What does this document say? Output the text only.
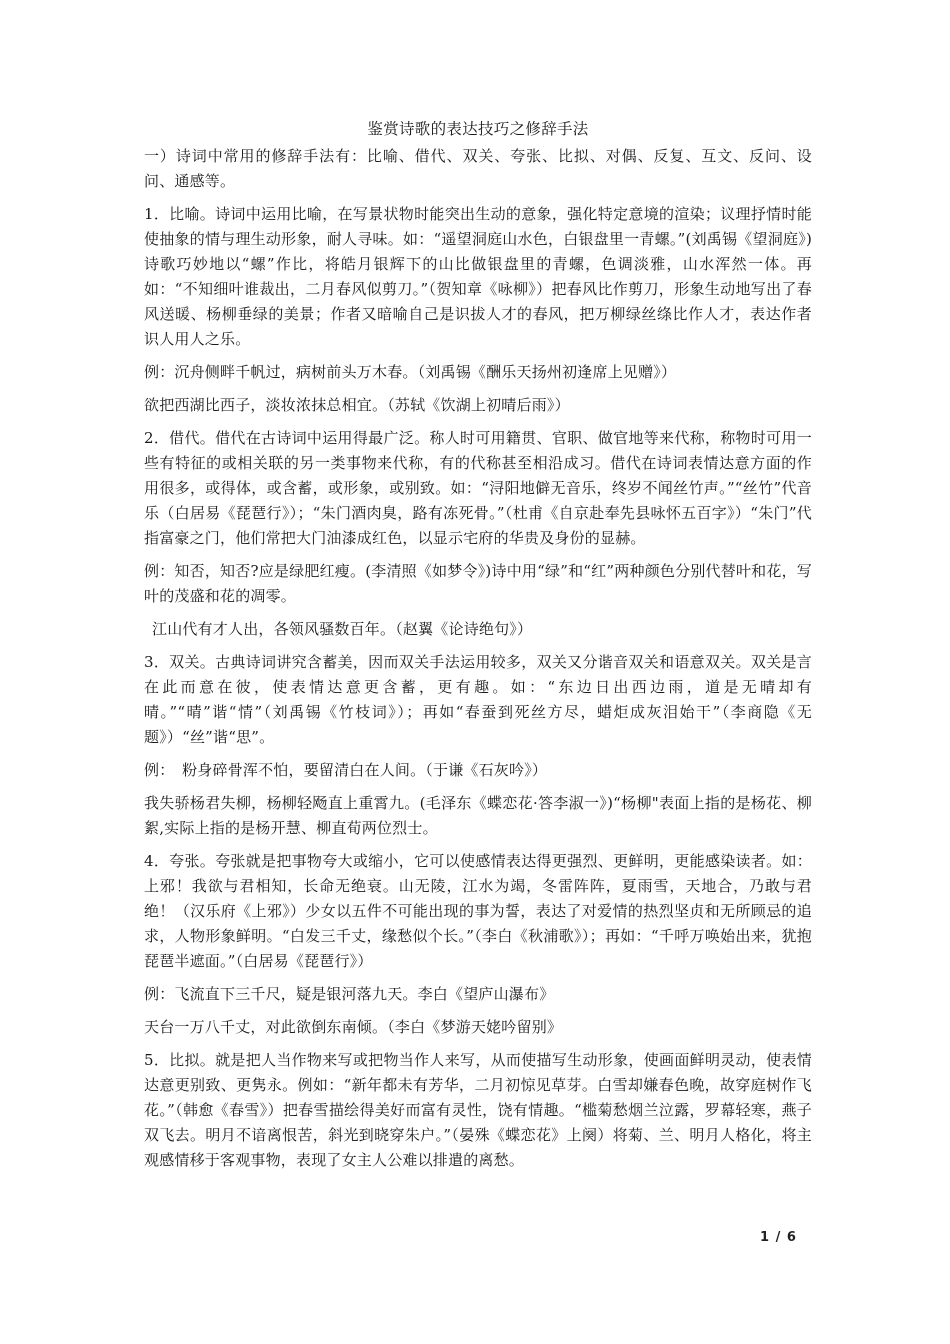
鉴赏诗歌的表达技巧之修辞手法

一）诗词中常用的修辞手法有：比喻、借代、双关、夸张、比拟、对偶、反复、互文、反问、设问、通感等。

1．比喻。诗词中运用比喻，在写景状物时能突出生动的意象，强化特定意境的渲染；议理抒情时能使抽象的情与理生动形象，耐人寻味。如：“遥望洞庭山水色，白银盘里一青螺。”(刘禹锡《望洞庭》)诗歌巧妙地以“螺”作比，将皓月银辉下的山比做银盘里的青螺，色调淡雅，山水浑然一体。再如：“不知细叶谁裁出，二月春风似剪刀。”（贺知章《咏柳》）把春风比作剪刀，形象生动地写出了春风送暖、杨柳垂绿的美景；作者又暗喻自己是识拔人才的春风，把万柳绿丝绦比作人才，表达作者识人用人之乐。

例：沉舟侧畔千帆过，病树前头万木春。（刘禹锡《酬乐天扬州初逢席上见赠》）

欲把西湖比西子，淡妆浓抹总相宜。（苏轼《饮湖上初晴后雨》）

2．借代。借代在古诗词中运用得最广泛。称人时可用籍贯、官职、做官地等来代称，称物时可用一些有特征的或相关联的另一类事物来代称，有的代称甚至相沿成习。借代在诗词表情达意方面的作用很多，或得体，或含蓄，或形象，或别致。如：“浔阳地僻无音乐，终岁不闻丝竹声。”“丝竹”代音乐（白居易《琵琶行》）；“朱门酒肉臭，路有冻死骨。”（杜甫《自京赴奉先县咏怀五百字》）“朱门”代指富豪之门，他们常把大门油漆成红色，以显示宅府的华贵及身份的显赫。

例：知否，知否?应是绿肥红瘦。(李清照《如梦令》)诗中用“绿”和“红”两种颜色分别代替叶和花，写叶的茂盛和花的凋零。

江山代有才人出，各领风骚数百年。（赵翼《论诗绝句》）

3．双关。古典诗词讲究含蓄美，因而双关手法运用较多，双关又分谐音双关和语意双关。双关是言在此而意在彼，使表情达意更含蓄，更有趣。如：“东边日出西边雨，道是无晴却有晴。”“晴”谐“情”（刘禹锡《竹枝词》）；再如“春蚕到死丝方尽，蜡炬成灰泪始干”（李商隐《无题》）“丝”谐“思”。

例：　粉身碎骨浑不怕，要留清白在人间。（于谦《石灰吟》）

我失骄杨君失柳，杨柳轻飏直上重霄九。(毛泽东《蝶恋花·答李淑一》)“杨柳"表面上指的是杨花、柳絮,实际上指的是杨开慧、柳直荀两位烈士。

4．夸张。夸张就是把事物夸大或缩小，它可以使感情表达得更强烈、更鲜明，更能感染读者。如：上邪！我欲与君相知，长命无绝衰。山无陵，江水为竭，冬雷阵阵，夏雨雪，天地合，乃敢与君绝！（汉乐府《上邪》）少女以五件不可能出现的事为誓，表达了对爱情的热烈坚贞和无所顾忌的追求，人物形象鲜明。“白发三千丈，缘愁似个长。”（李白《秋浦歌》）；再如：“千呼万唤始出来，犹抱琵琶半遮面。”（白居易《琵琶行》）

例：飞流直下三千尺，疑是银河落九天。李白《望庐山瀑布》

天台一万八千丈，对此欲倒东南倾。（李白《梦游天姥吟留别》

5．比拟。就是把人当作物来写或把物当作人来写，从而使描写生动形象，使画面鲜明灵动，使表情达意更别致、更隽永。例如：“新年都未有芳华，二月初惊见草芽。白雪却嫌春色晚，故穿庭树作飞花。”（韩愈《春雪》）把春雪描绘得美好而富有灵性，饶有情趣。“槛菊愁烟兰泣露，罗幕轻寒，燕子双飞去。明月不谙离恨苦，斜光到晓穿朱户。”（晏殊《蝶恋花》上阕）将菊、兰、明月人格化，将主观感情移于客观事物，表现了女主人公难以排遣的离愁。

1 / 6
